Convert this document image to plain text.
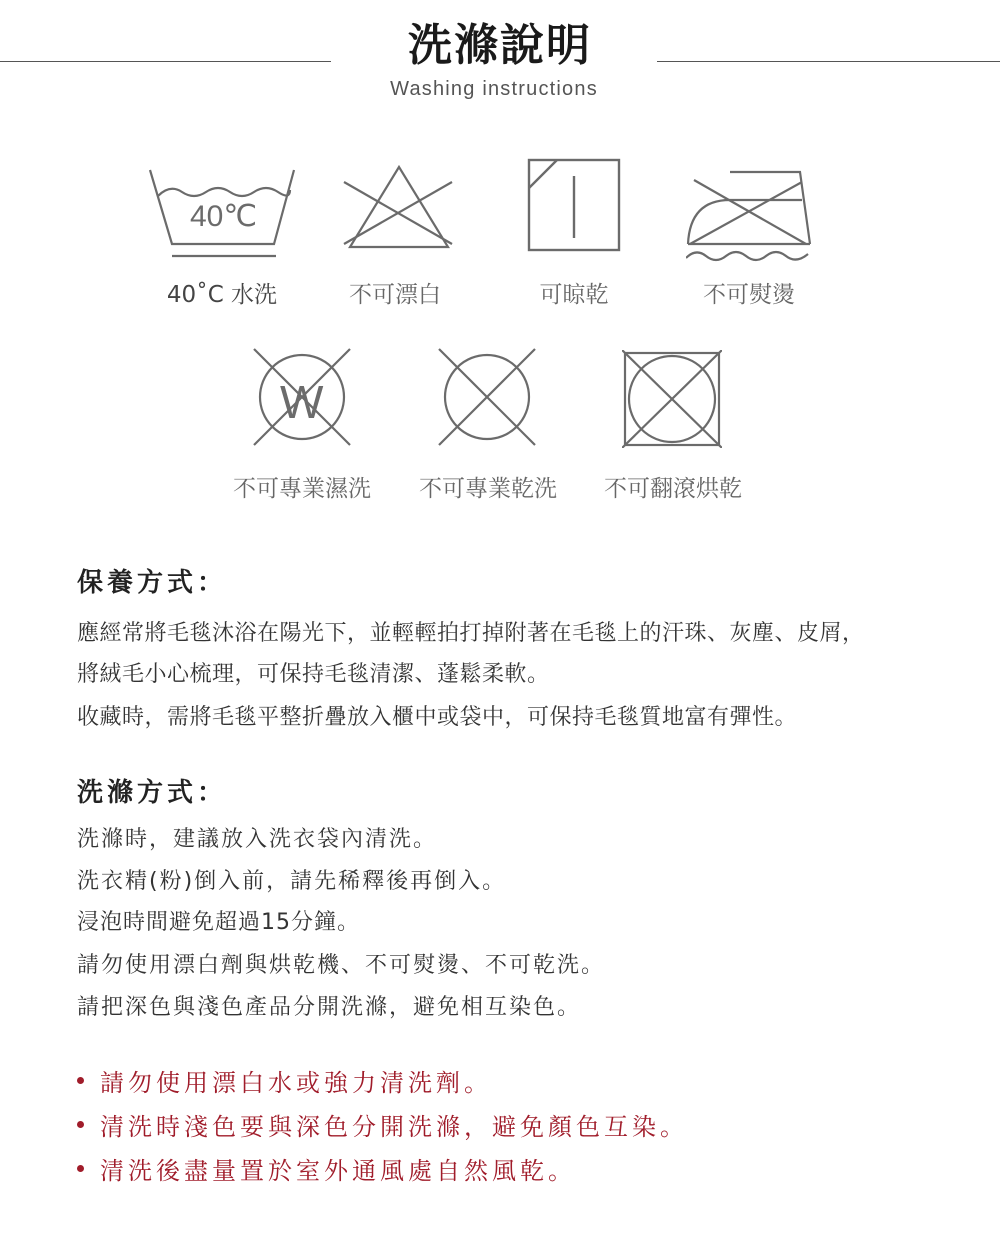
洗滌說明
Washing instructions
40℃
40˚C 水洗	不可漂白	可晾乾	不可熨燙
W
不可專業濕洗	不可專業乾洗	不可翻滾烘乾
保養方式：
應經常將毛毯沐浴在陽光下，並輕輕拍打掉附著在毛毯上的汗珠、灰塵、皮屑，
將絨毛小心梳理，可保持毛毯清潔、蓬鬆柔軟。
收藏時，需將毛毯平整折疊放入櫃中或袋中，可保持毛毯質地富有彈性。
洗滌方式：
洗滌時，建議放入洗衣袋內清洗。
洗衣精(粉)倒入前，請先稀釋後再倒入。
浸泡時間避免超過15分鐘。
請勿使用漂白劑與烘乾機、不可熨燙、不可乾洗。
請把深色與淺色產品分開洗滌，避免相互染色。
請勿使用漂白水或強力清洗劑。
清洗時淺色要與深色分開洗滌，避免顏色互染。
清洗後盡量置於室外通風處自然風乾。
